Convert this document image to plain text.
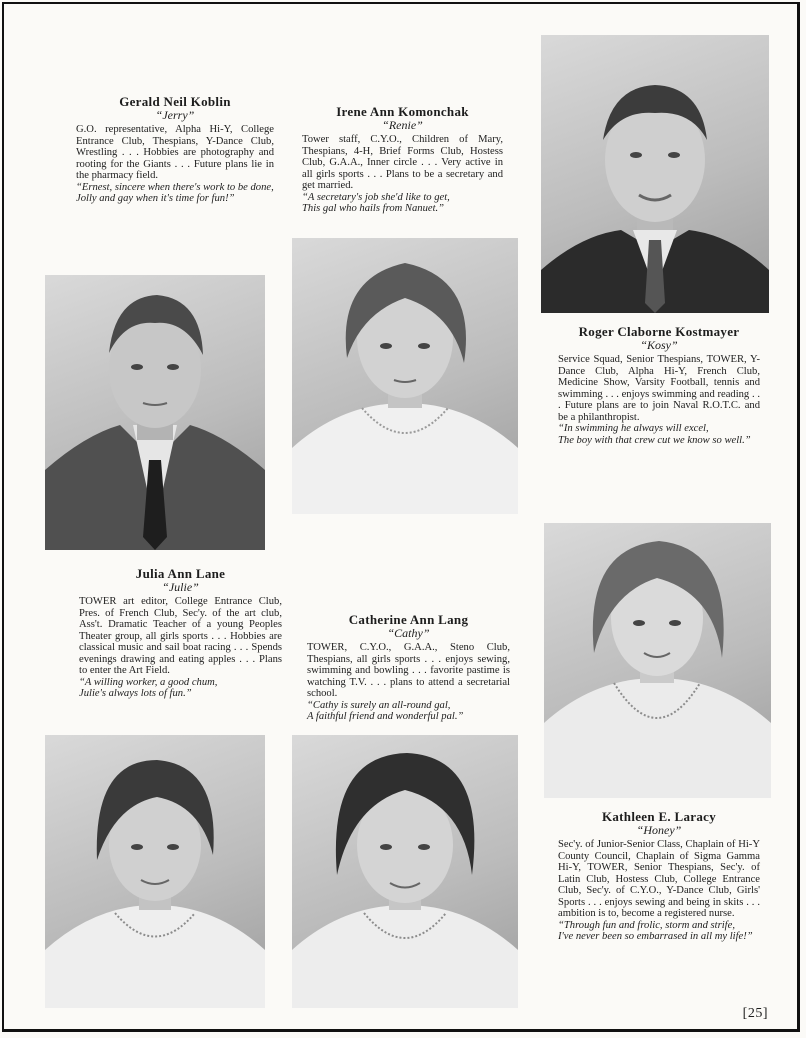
Gerald Neil Koblin
“Jerry”
G.O. representative, Alpha Hi-Y, College Entrance Club, Thespians, Y-Dance Club, Wrestling . . . Hobbies are photography and rooting for the Giants . . . Future plans lie in the pharmacy field.
“Ernest, sincere when there's work to be done,
Jolly and gay when it's time for fun!”
Irene Ann Komonchak
“Renie”
Tower staff, C.Y.O., Children of Mary, Thespians, 4-H, Brief Forms Club, Hostess Club, G.A.A., Inner circle . . . Very active in all girls sports . . . Plans to be a secretary and get married.
“A secretary's job she'd like to get,
This gal who hails from Nanuet.”
Roger Claborne Kostmayer
“Kosy”
Service Squad, Senior Thespians, TOWER, Y-Dance Club, Alpha Hi-Y, French Club, Medicine Show, Varsity Football, tennis and swimming . . . enjoys swimming and reading . . . Future plans are to join Naval R.O.T.C. and be a philanthropist.
“In swimming he always will excel,
The boy with that crew cut we know so well.”
Julia Ann Lane
“Julie”
TOWER art editor, College Entrance Club, Pres. of French Club, Sec'y. of the art club, Ass't. Dramatic Teacher of a young Peoples Theater group, all girls sports . . . Hobbies are classical music and sail boat racing . . . Spends evenings drawing and eating apples . . . Plans to enter the Art Field.
“A willing worker, a good chum,
Julie's always lots of fun.”
Catherine Ann Lang
“Cathy”
TOWER, C.Y.O., G.A.A., Steno Club, Thespians, all girls sports . . . enjoys sewing, swimming and bowling . . . favorite pastime is watching T.V. . . . plans to attend a secretarial school.
“Cathy is surely an all-round gal,
A faithful friend and wonderful pal.”
Kathleen E. Laracy
“Honey”
Sec'y. of Junior-Senior Class, Chaplain of Hi-Y County Council, Chaplain of Sigma Gamma Hi-Y, TOWER, Senior Thespians, Sec'y. of Latin Club, Hostess Club, College Entrance Club, Sec'y. of C.Y.O., Y-Dance Club, Girls' Sports . . . enjoys sewing and being in skits . . . ambition is to, become a registered nurse.
“Through fun and frolic, storm and strife,
I've never been so embarrased in all my life!”
[25]
